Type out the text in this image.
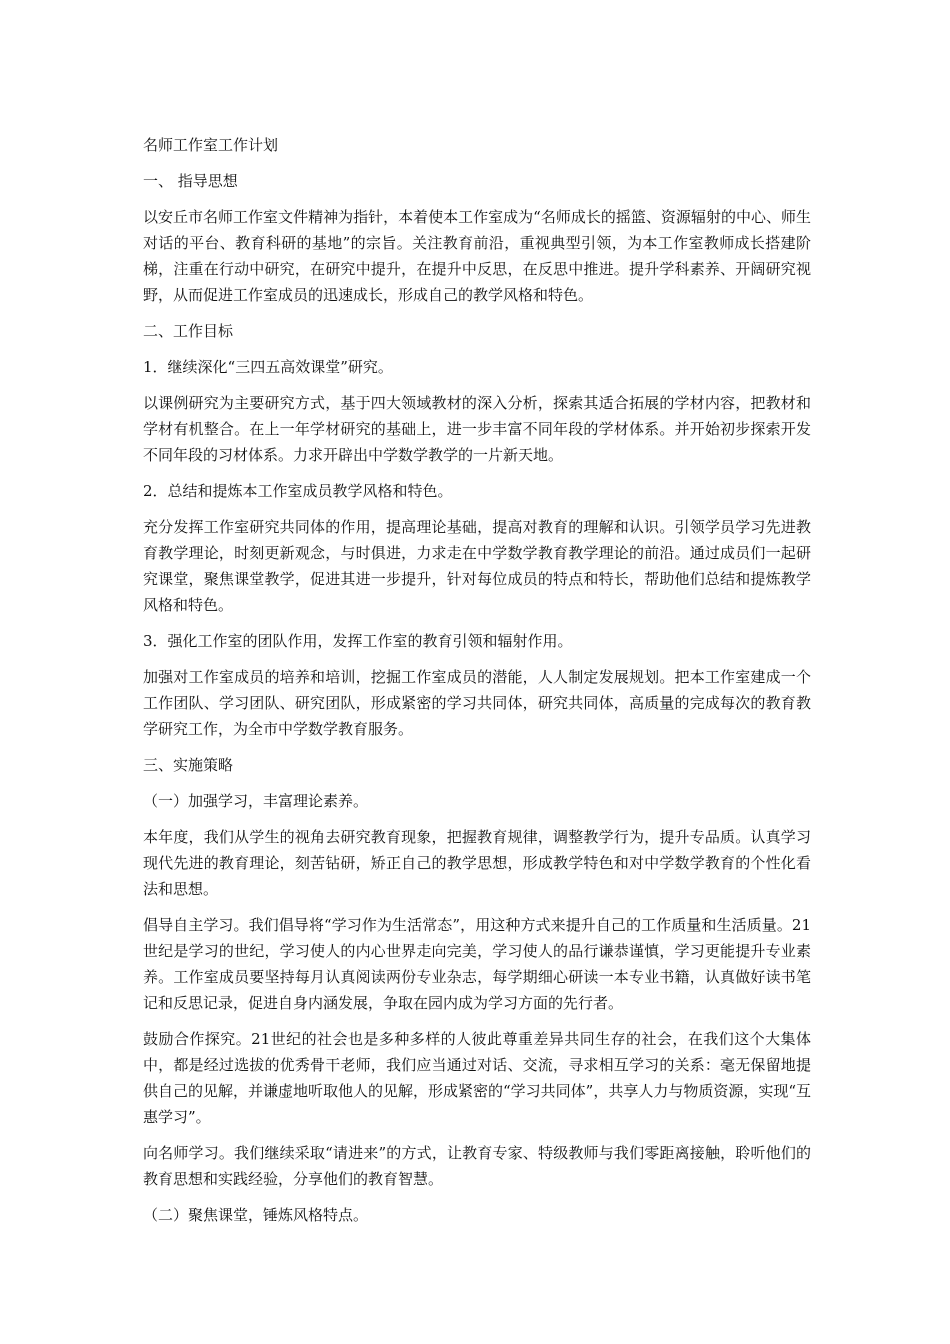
名师工作室工作计划

一、 指导思想

以安丘市名师工作室文件精神为指针，本着使本工作室成为“名师成长的摇篮、资源辐射的中心、师生对话的平台、教育科研的基地”的宗旨。关注教育前沿，重视典型引领，为本工作室教师成长搭建阶梯，注重在行动中研究，在研究中提升，在提升中反思，在反思中推进。提升学科素养、开阔研究视野，从而促进工作室成员的迅速成长，形成自己的教学风格和特色。

二、工作目标

1．继续深化“三四五高效课堂”研究。

以课例研究为主要研究方式，基于四大领域教材的深入分析，探索其适合拓展的学材内容，把教材和学材有机整合。在上一年学材研究的基础上，进一步丰富不同年段的学材体系。并开始初步探索开发不同年段的习材体系。力求开辟出中学数学教学的一片新天地。

2．总结和提炼本工作室成员教学风格和特色。

充分发挥工作室研究共同体的作用，提高理论基础，提高对教育的理解和认识。引领学员学习先进教育教学理论，时刻更新观念，与时俱进，力求走在中学数学教育教学理论的前沿。通过成员们一起研究课堂，聚焦课堂教学，促进其进一步提升，针对每位成员的特点和特长，帮助他们总结和提炼教学风格和特色。

3．强化工作室的团队作用，发挥工作室的教育引领和辐射作用。

加强对工作室成员的培养和培训，挖掘工作室成员的潜能，人人制定发展规划。把本工作室建成一个工作团队、学习团队、研究团队，形成紧密的学习共同体，研究共同体，高质量的完成每次的教育教学研究工作，为全市中学数学教育服务。

三、实施策略

（一）加强学习，丰富理论素养。

本年度，我们从学生的视角去研究教育现象，把握教育规律，调整教学行为，提升专品质。认真学习现代先进的教育理论，刻苦钻研，矫正自己的教学思想，形成教学特色和对中学数学教育的个性化看法和思想。

倡导自主学习。我们倡导将“学习作为生活常态”，用这种方式来提升自己的工作质量和生活质量。21世纪是学习的世纪，学习使人的内心世界走向完美，学习使人的品行谦恭谨慎，学习更能提升专业素养。工作室成员要坚持每月认真阅读两份专业杂志，每学期细心研读一本专业书籍，认真做好读书笔记和反思记录，促进自身内涵发展，争取在园内成为学习方面的先行者。

鼓励合作探究。21世纪的社会也是多种多样的人彼此尊重差异共同生存的社会，在我们这个大集体中，都是经过选拔的优秀骨干老师，我们应当通过对话、交流，寻求相互学习的关系：毫无保留地提供自己的见解，并谦虚地听取他人的见解，形成紧密的“学习共同体”，共享人力与物质资源，实现“互惠学习”。

向名师学习。我们继续采取“请进来”的方式，让教育专家、特级教师与我们零距离接触，聆听他们的教育思想和实践经验，分享他们的教育智慧。

（二）聚焦课堂，锤炼风格特点。
